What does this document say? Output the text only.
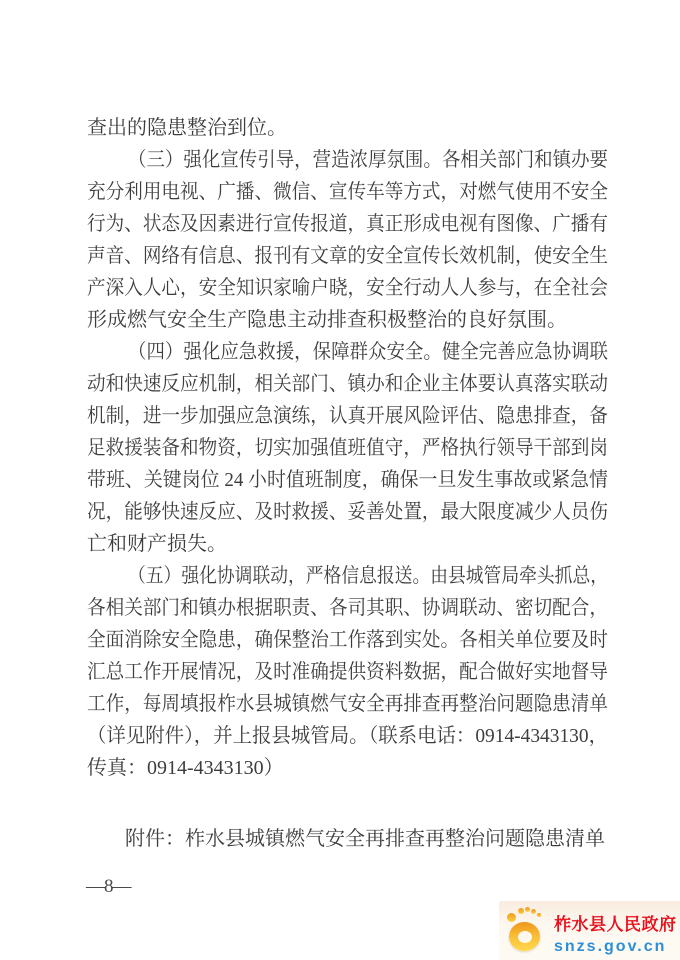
查出的隐患整治到位。
（三）强化宣传引导，营造浓厚氛围。各相关部门和镇办要
充分利用电视、广播、微信、宣传车等方式，对燃气使用不安全
行为、状态及因素进行宣传报道，真正形成电视有图像、广播有
声音、网络有信息、报刊有文章的安全宣传长效机制，使安全生
产深入人心，安全知识家喻户晓，安全行动人人参与，在全社会
形成燃气安全生产隐患主动排查积极整治的良好氛围。
（四）强化应急救援，保障群众安全。健全完善应急协调联
动和快速反应机制，相关部门、镇办和企业主体要认真落实联动
机制，进一步加强应急演练，认真开展风险评估、隐患排查，备
足救援装备和物资，切实加强值班值守，严格执行领导干部到岗
带班、关键岗位 24 小时值班制度，确保一旦发生事故或紧急情
况，能够快速反应、及时救援、妥善处置，最大限度减少人员伤
亡和财产损失。
（五）强化协调联动，严格信息报送。由县城管局牵头抓总，
各相关部门和镇办根据职责、各司其职、协调联动、密切配合，
全面消除安全隐患，确保整治工作落到实处。各相关单位要及时
汇总工作开展情况，及时准确提供资料数据，配合做好实地督导
工作，每周填报柞水县城镇燃气安全再排查再整治问题隐患清单
（详见附件），并上报县城管局。（联系电话：0914-4343130，
传真：0914-4343130）
附件：柞水县城镇燃气安全再排查再整治问题隐患清单
—8—
柞水县人民政府
snzs.gov.cn
